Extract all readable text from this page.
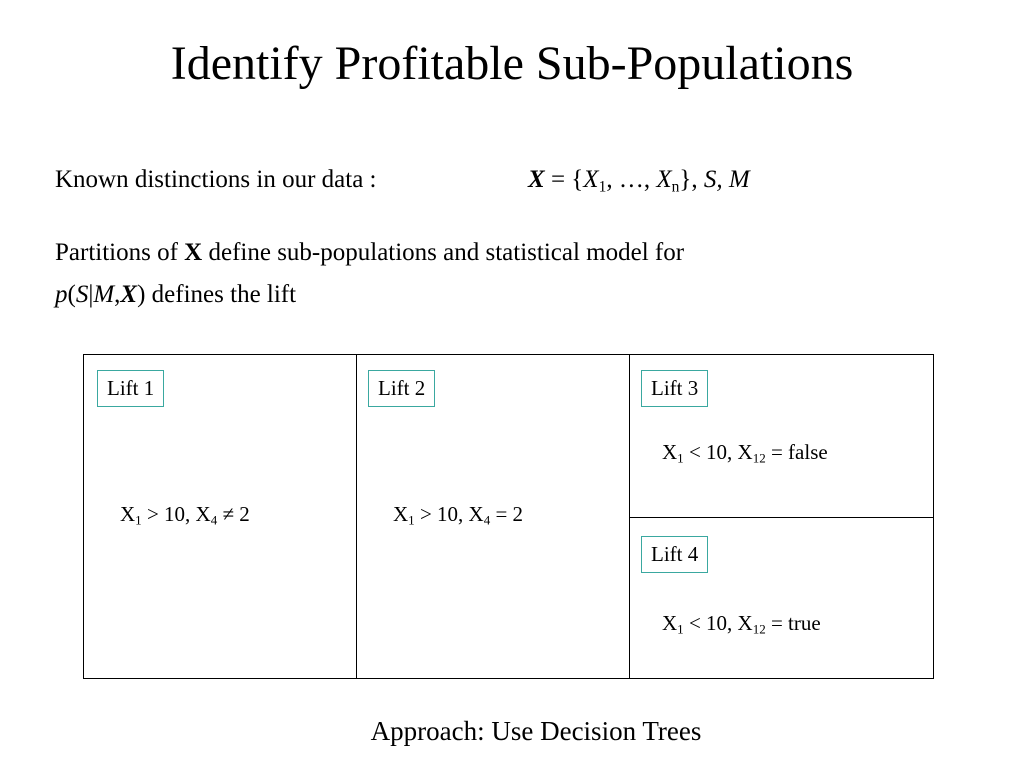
Identify Profitable Sub-Populations
Known distinctions in our data :	$X = \{X_1$, …, $X_n$}, S, M
Partitions of X define sub-populations and statistical model for
p(S|M,X) defines the lift
Lift 1
$X_1 > 10$, $X_4 \ne 2$
Lift 2
$X_1 > 10$, $X_4 = 2$
Lift 3
$X_1 < 10$, $X_{12}$ = false
Lift 4
$X_1 < 10$, $X_{12}$ = true
Approach: Use Decision Trees
